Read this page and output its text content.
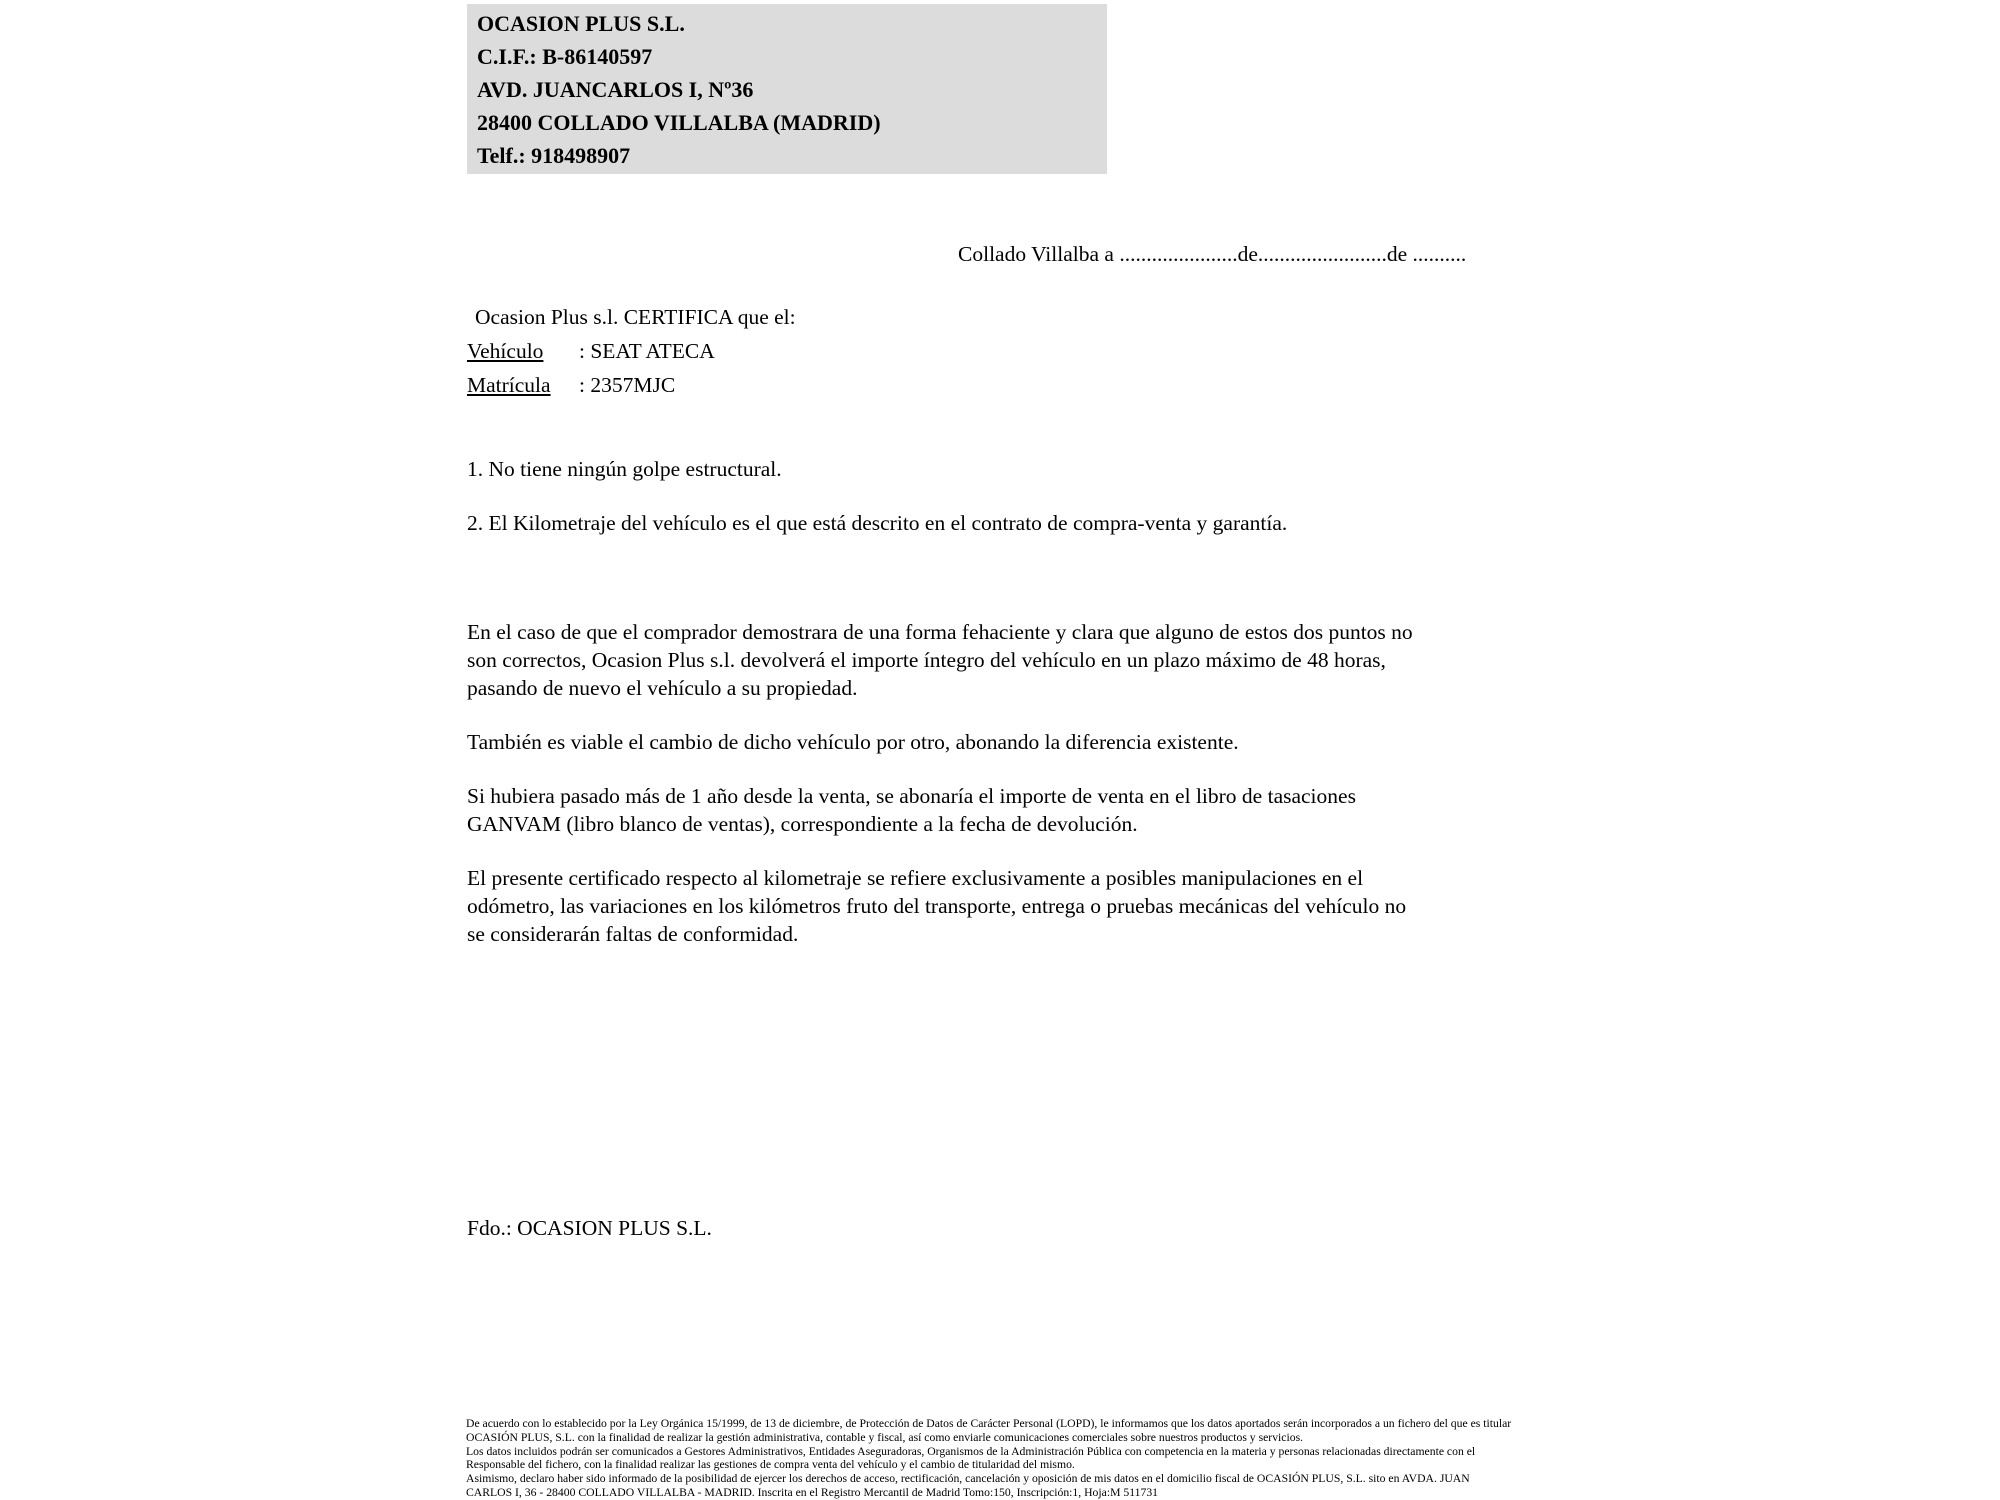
OCASION PLUS S.L.
C.I.F.: B-86140597
AVD. JUANCARLOS I, Nº36
28400 COLLADO VILLALBA (MADRID)
Telf.: 918498907
Collado Villalba a ......................de........................de ..........
Ocasion Plus s.l. CERTIFICA que el:
Vehículo : SEAT ATECA
Matrícula : 2357MJC
1. No tiene ningún golpe estructural.
2. El Kilometraje del vehículo es el que está descrito en el contrato de compra-venta y garantía.
En el caso de que el comprador demostrara de una forma fehaciente y clara que alguno de estos dos puntos no
son correctos, Ocasion Plus s.l. devolverá el importe íntegro del vehículo en un plazo máximo de 48 horas,
pasando de nuevo el vehículo a su propiedad.
También es viable el cambio de dicho vehículo por otro, abonando la diferencia existente.
Si hubiera pasado más de 1 año desde la venta, se abonaría el importe de venta en el libro de tasaciones
GANVAM (libro blanco de ventas), correspondiente a la fecha de devolución.
El presente certificado respecto al kilometraje se refiere exclusivamente a posibles manipulaciones en el
odómetro, las variaciones en los kilómetros fruto del transporte, entrega o pruebas mecánicas del vehículo no
se considerarán faltas de conformidad.
Fdo.: OCASION PLUS S.L.
De acuerdo con lo establecido por la Ley Orgánica 15/1999, de 13 de diciembre, de Protección de Datos de Carácter Personal (LOPD), le informamos que los datos aportados serán incorporados a un fichero del que es titular
OCASIÓN PLUS, S.L. con la finalidad de realizar la gestión administrativa, contable y fiscal, así como enviarle comunicaciones comerciales sobre nuestros productos y servicios.
Los datos incluidos podrán ser comunicados a Gestores Administrativos, Entidades Aseguradoras, Organismos de la Administración Pública con competencia en la materia y personas relacionadas directamente con el
Responsable del fichero, con la finalidad realizar las gestiones de compra venta del vehículo y el cambio de titularidad del mismo.
Asimismo, declaro haber sido informado de la posibilidad de ejercer los derechos de acceso, rectificación, cancelación y oposición de mis datos en el domicilio fiscal de OCASIÓN PLUS, S.L. sito en AVDA. JUAN
CARLOS I, 36 - 28400 COLLADO VILLALBA - MADRID. Inscrita en el Registro Mercantil de Madrid Tomo:150, Inscripción:1, Hoja:M 511731
